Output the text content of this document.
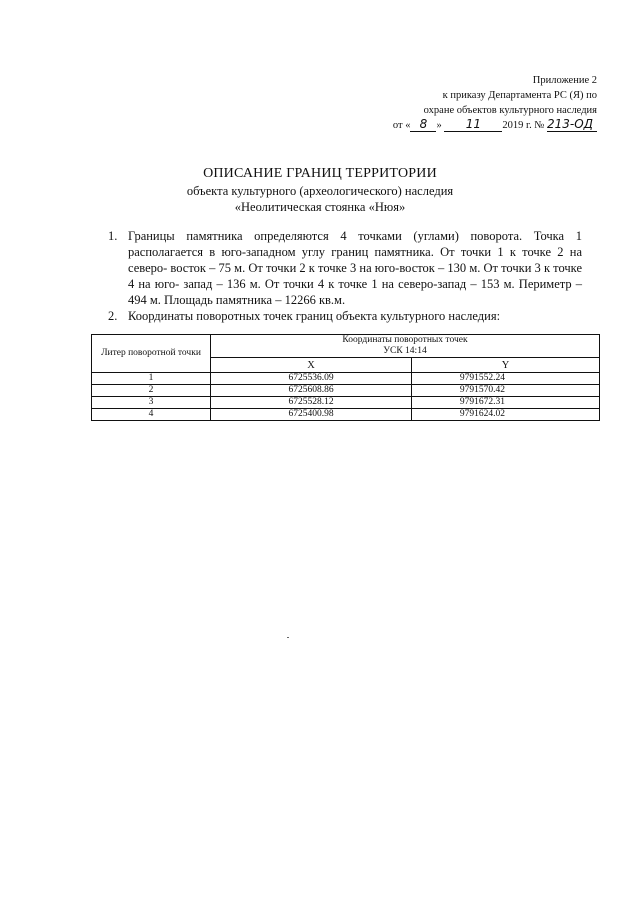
Приложение 2
к приказу Департамента РС (Я) по
охране объектов культурного наследия
от « 8 » 11 2019 г. № 213-ОД
ОПИСАНИЕ ГРАНИЦ ТЕРРИТОРИИ
объекта культурного (археологического) наследия
«Неолитическая стоянка «Нюя»
1. Границы памятника определяются 4 точками (углами) поворота. Точка 1 располагается в юго-западном углу границ памятника. От точки 1 к точке 2 на северо- восток – 75 м. От точки 2 к точке 3 на юго-восток – 130 м. От точки 3 к точке 4 на юго- запад – 136 м. От точки 4 к точке 1 на северо-запад – 153 м. Периметр – 494 м. Площадь памятника – 12266 кв.м.
2. Координаты поворотных точек границ объекта культурного наследия:
Литер поворотной точки	Координаты поворотных точек
УСК 14:14	

	X	Y
1	6725536.09	9791552.24
2	6725608.86	9791570.42
3	6725528.12	9791672.31
4	6725400.98	9791624.02
